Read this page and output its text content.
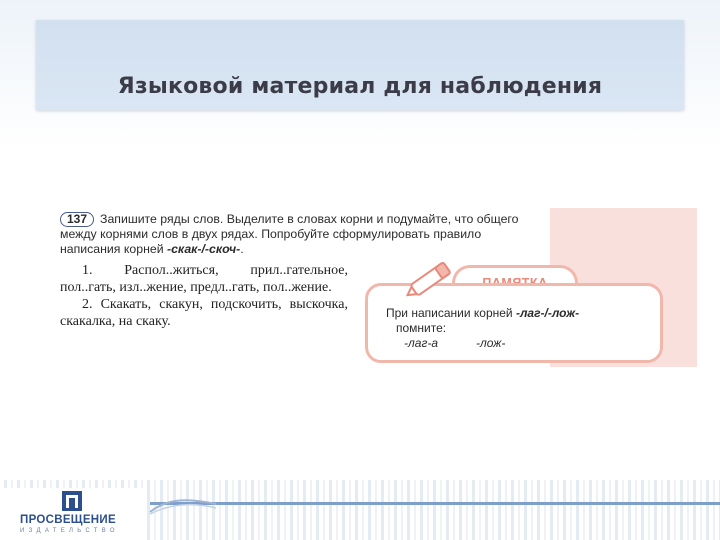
Языковой материал для наблюдения

137 Запишите ряды слов. Выделите в словах корни и подумайте, что общего между корнями слов в двух рядах. Попробуйте сформулировать правило написания корней -скак-/-скоч-.

1. Распол..житься, прил..гательное, пол..гать, изл..жение, предл..гать, пол..жение.

2. Скакать, скакун, подскочить, выскочка, скакалка, на скаку.

При написании корней -лаг-/-лож-
помните:
-лаг-а	-лож-
ПРОСВЕЩЕНИЕ
ИЗДАТЕЛЬСТВО
